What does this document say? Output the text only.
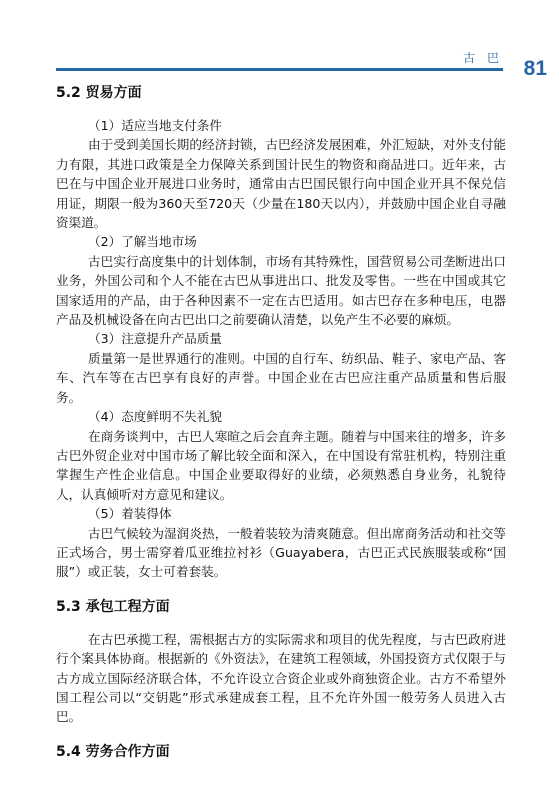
古 巴 81
5.2 贸易方面
（1）适应当地支付条件

由于受到美国长期的经济封锁，古巴经济发展困难，外汇短缺，对外支付能力有限，其进口政策是全力保障关系到国计民生的物资和商品进口。近年来，古巴在与中国企业开展进口业务时，通常由古巴国民银行向中国企业开具不保兑信用证，期限一般为360天至720天（少量在180天以内），并鼓励中国企业自寻融资渠道。

（2）了解当地市场

古巴实行高度集中的计划体制，市场有其特殊性，国营贸易公司垄断进出口业务，外国公司和个人不能在古巴从事进出口、批发及零售。一些在中国或其它国家适用的产品，由于各种因素不一定在古巴适用。如古巴存在多种电压，电器产品及机械设备在向古巴出口之前要确认清楚，以免产生不必要的麻烦。

（3）注意提升产品质量

质量第一是世界通行的准则。中国的自行车、纺织品、鞋子、家电产品、客车、汽车等在古巴享有良好的声誉。中国企业在古巴应注重产品质量和售后服务。

（4）态度鲜明不失礼貌

在商务谈判中，古巴人寒暄之后会直奔主题。随着与中国来往的增多，许多古巴外贸企业对中国市场了解比较全面和深入，在中国设有常驻机构，特别注重掌握生产性企业信息。中国企业要取得好的业绩，必须熟悉自身业务，礼貌待人，认真倾听对方意见和建议。

（5）着装得体

古巴气候较为湿润炎热，一般着装较为清爽随意。但出席商务活动和社交等正式场合，男士需穿着瓜亚维拉衬衫（Guayabera，古巴正式民族服装或称“国服”）或正装，女士可着套装。

5.3 承包工程方面

在古巴承揽工程，需根据古方的实际需求和项目的优先程度，与古巴政府进行个案具体协商。根据新的《外资法》，在建筑工程领域，外国投资方式仅限于与古方成立国际经济联合体，不允许设立合资企业或外商独资企业。古方不希望外国工程公司以“交钥匙”形式承建成套工程，且不允许外国一般劳务人员进入古巴。

5.4 劳务合作方面
